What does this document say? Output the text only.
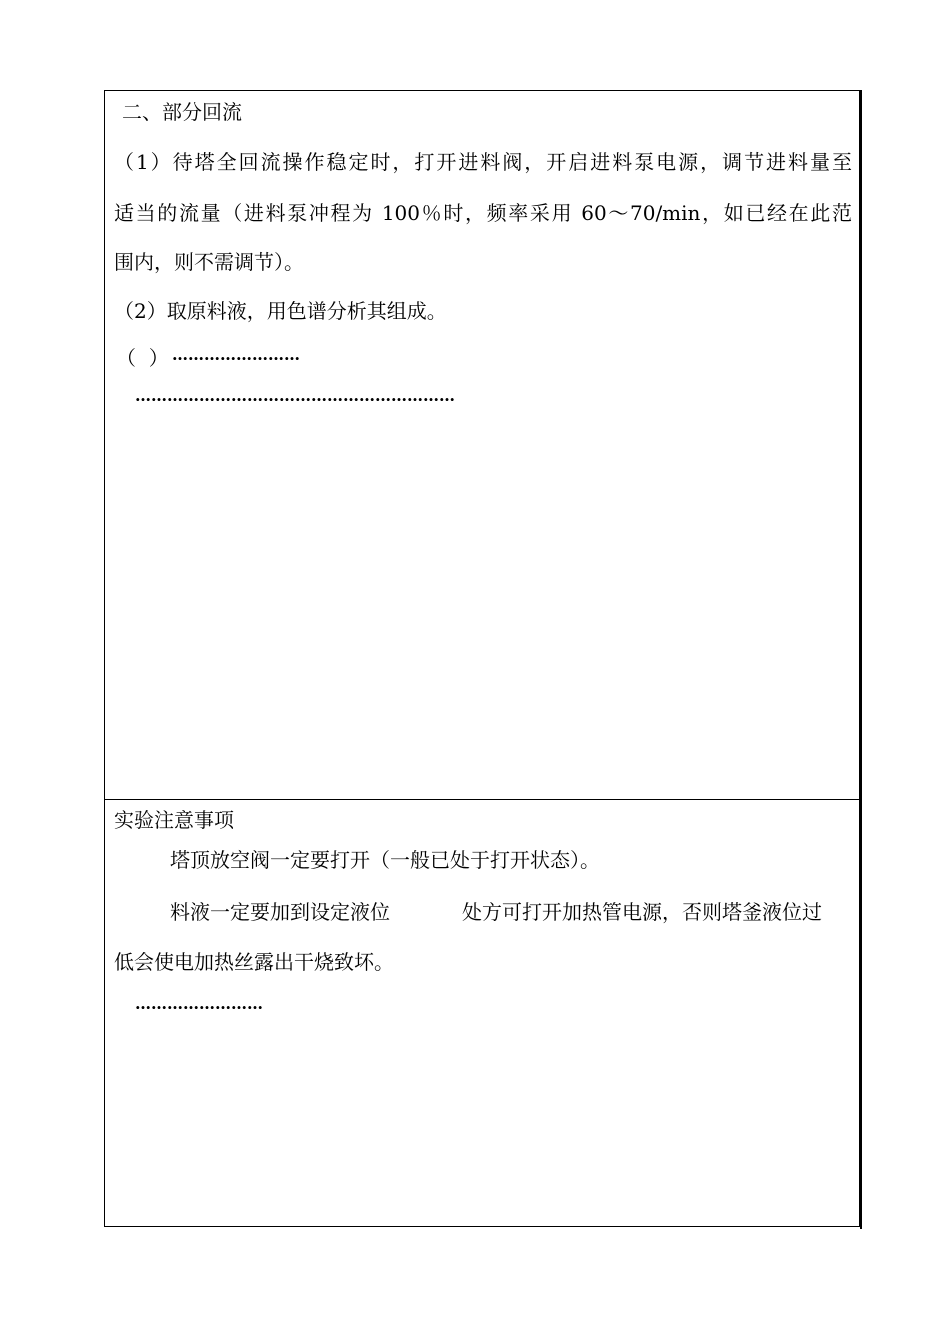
二、部分回流
（1）待塔全回流操作稳定时，打开进料阀，开启进料泵电源，调节进料量至
适当的流量（进料泵冲程为 100％时，频率采用 60～70/min，如已经在此范
围内，则不需调节）。
（2）取原料液，用色谱分析其组成。
（  ） ……………………
……………………………………………………
实验注意事项
塔顶放空阀一定要打开（一般已处于打开状态）。
料液一定要加到设定液位	处方可打开加热管电源，否则塔釜液位过
低会使电加热丝露出干烧致坏。
……………………
